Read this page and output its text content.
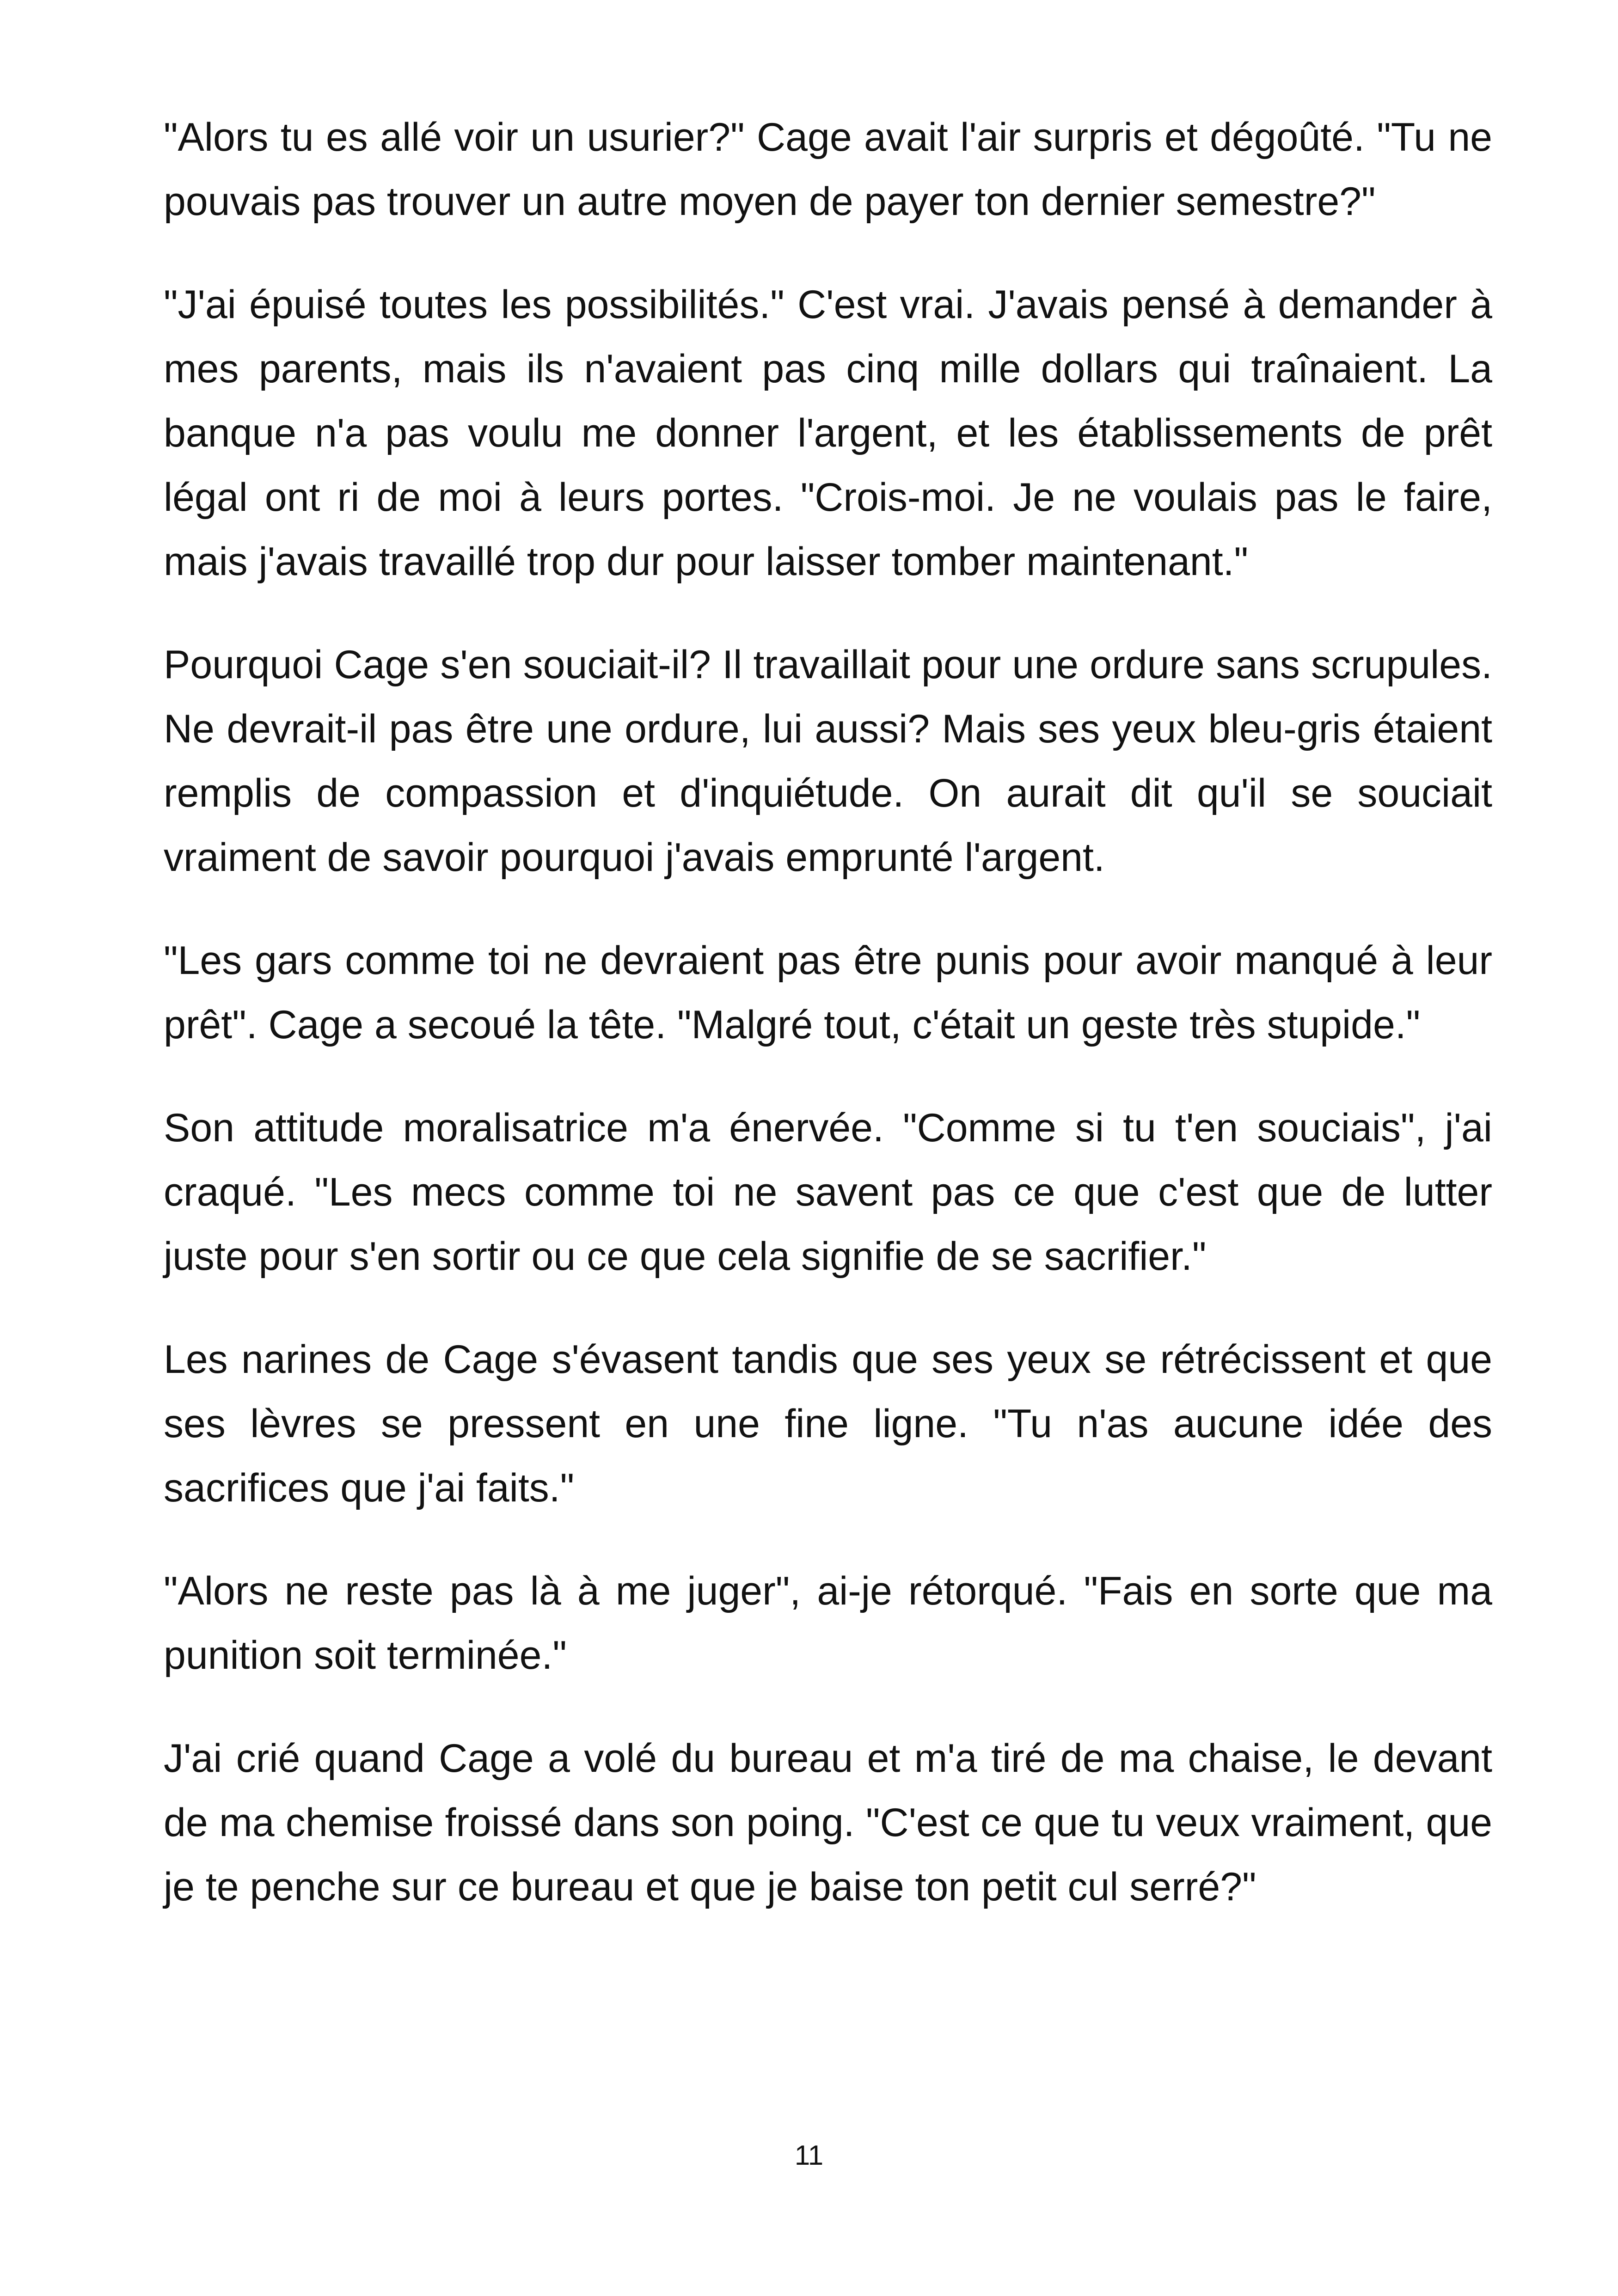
"Alors tu es allé voir un usurier?" Cage avait l'air surpris et dégoûté. "Tu ne pouvais pas trouver un autre moyen de payer ton dernier semestre?"

"J'ai épuisé toutes les possibilités." C'est vrai. J'avais pensé à demander à mes parents, mais ils n'avaient pas cinq mille dollars qui traînaient. La banque n'a pas voulu me donner l'argent, et les établissements de prêt légal ont ri de moi à leurs portes. "Crois-moi. Je ne voulais pas le faire, mais j'avais travaillé trop dur pour laisser tomber maintenant."

Pourquoi Cage s'en souciait-il? Il travaillait pour une ordure sans scrupules. Ne devrait-il pas être une ordure, lui aussi? Mais ses yeux bleu-gris étaient remplis de compassion et d'inquiétude. On aurait dit qu'il se souciait vraiment de savoir pourquoi j'avais emprunté l'argent.

"Les gars comme toi ne devraient pas être punis pour avoir manqué à leur prêt". Cage a secoué la tête. "Malgré tout, c'était un geste très stupide."

Son attitude moralisatrice m'a énervée. "Comme si tu t'en souciais", j'ai craqué. "Les mecs comme toi ne savent pas ce que c'est que de lutter juste pour s'en sortir ou ce que cela signifie de se sacrifier."

Les narines de Cage s'évasent tandis que ses yeux se rétrécissent et que ses lèvres se pressent en une fine ligne. "Tu n'as aucune idée des sacrifices que j'ai faits."

"Alors ne reste pas là à me juger", ai-je rétorqué. "Fais en sorte que ma punition soit terminée."

J'ai crié quand Cage a volé du bureau et m'a tiré de ma chaise, le devant de ma chemise froissé dans son poing. "C'est ce que tu veux vraiment, que je te penche sur ce bureau et que je baise ton petit cul serré?"

11
